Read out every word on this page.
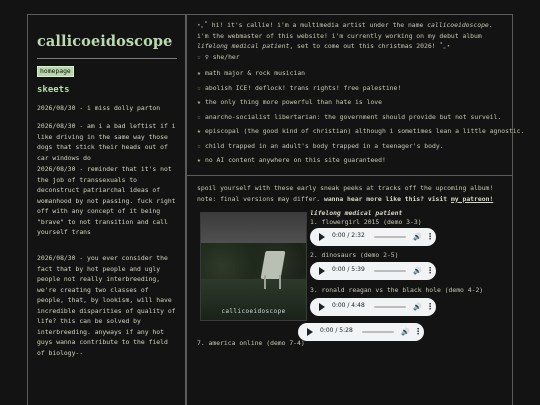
callicoeidoscope
homepage
skeets
2026/08/30 - i miss dolly parton
2026/08/30 - am i a bad leftist if i like driving in the same way those dogs that stick their heads out of car windows do
2026/08/30 - reminder that it's not the job of transsexuals to deconstruct patriarchal ideas of womanhood by not passing. fuck right off with any concept of it being "brave" to not transition and call yourself trans
2026/08/30 - you ever consider the fact that by hot people and ugly people not really interbreeding, we're creating two classes of people, that, by lookism, will have incredible disparities of quality of life? this can be solved by interbreeding. anyways if any hot guys wanna contribute to the field of biology--
⋆｡˚ hi! it's callie! i'm a multimedia artist under the name callicoeidoscope. i'm the webmaster of this website! i'm currently working on my debut album lifelong medical patient, set to come out this christmas 2026! ˚｡⋆
☆ ♀ she/her
★ math major & rock musician
☆ abolish ICE! deflock! trans rights! free palestine!
★ the only thing more powerful than hate is love
☆ anarcho-socialist libertarian: the government should provide but not surveil.
★ episcopal (the good kind of christian) although i sometimes lean a little agnostic.
☆ child trapped in an adult's body trapped in a teenager's body.
★ no AI content anywhere on this site guaranteed!
spoil yourself with these early sneak peeks at tracks off the upcoming album! note: final versions may differ. wanna hear more like this? visit my patreon!
callicoeidoscope
lifelong medical patient
1. flowergirl 2015 (demo 3-3)
0:00 / 2:32	🔊 ⋮
2. dinosaurs (demo 2-5)
0:00 / 5:39	🔊 ⋮
3. ronald reagan vs the black hole (demo 4-2)
0:00 / 4:48	🔊 ⋮
0:00 / 5:28	🔊 ⋮
7. america online (demo 7-4)
